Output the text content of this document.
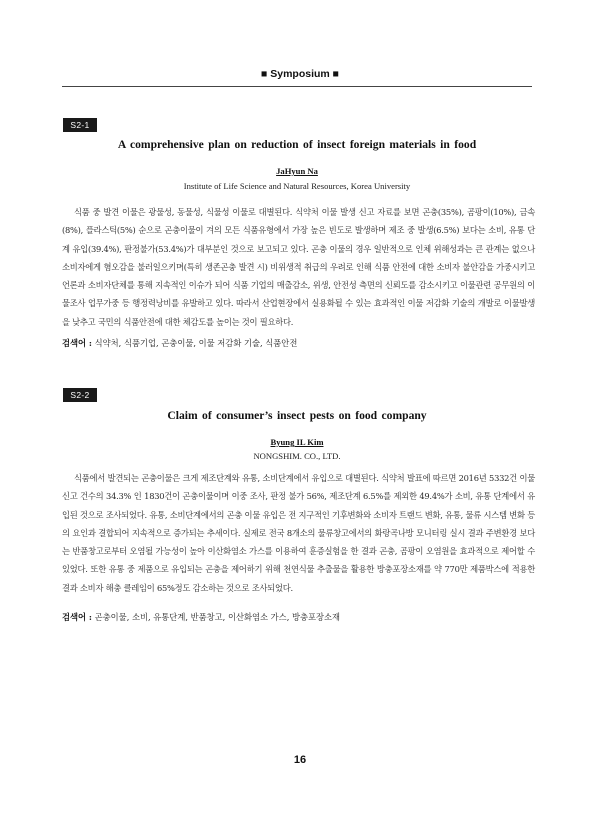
■ Symposium ■
S2-1
A comprehensive plan on reduction of insect foreign materials in food
JaHyun Na
Institute of Life Science and Natural Resources, Korea University

식품 중 발견 이물은 광물성, 동물성, 식물성 이물로 대별된다. 식약처 이물 발생 신고 자료를 보면 곤충(35%), 곰팡이(10%), 금속(8%), 플라스틱(5%) 순으로 곤충이물이 겨의 모든 식품유형에서 가장 높은 빈도로 발생하며 제조 중 발생(6.5%) 보다는 소비, 유통 단계 유입(39.4%), 판정불가(53.4%)가 대부분인 것으로 보고되고 있다. 곤충 이물의 경우 일반적으로 인체 위해성과는 큰 관계는 없으나 소비자에게 혐오감을 불러일으키며(특히 생존곤충 발견 시) 비위생적 취급의 우려로 인해 식품 안전에 대한 소비자 불안감을 가중시키고 언론과 소비자단체를 통해 지속적인 이슈가 되어 식품 기업의 매출감소, 위생, 안전성 측면의 신뢰도를 감소시키고 이물관련 공무원의 이물조사 업무가중 등 행정력낭비를 유발하고 있다. 따라서 산업현장에서 실용화될 수 있는 효과적인 이물 저감화 기술의 개발로 이물발생을 낮추고 국민의 식품안전에 대한 체감도를 높이는 것이 필요하다.

검색어 : 식약처, 식품기업, 곤충이물, 이물 저감화 기술, 식품안전
S2-2
Claim of consumer’s insect pests on food company
Byung IL Kim
NONGSHIM. CO., LTD.

식품에서 발견되는 곤충이물은 크게 제조단계와 유통, 소비단계에서 유입으로 대별된다. 식약처 발표에 따르면 2016년 5332건 이물신고 건수의 34.3% 인 1830건이 곤충이물이며 이중 조사, 판정 불가 56%, 제조단계 6.5%를 제외한 49.4%가 소비, 유통 단계에서 유입된 것으로 조사되었다. 유통, 소비단계에서의 곤충 이물 유입은 전 지구적인 기후변화와 소비자 트랜드 변화, 유통, 물류 시스템 변화 등의 요인과 결합되어 지속적으로 증가되는 추세이다. 실제로 전국 8개소의 물류창고에서의 화랑곡나방 모니터링 실시 결과 주변환경 보다는 반품창고로부터 오염될 가능성이 높아 이산화염소 가스를 이용하여 훈증실험을 한 결과 곤충, 곰팡이 오염원을 효과적으로 제어할 수 있었다. 또한 유통 중 제품으로 유입되는 곤충을 제어하기 위해 천연식물 추출물을 활용한 방충포장소재를 약 770만 제품박스에 적용한 결과 소비자 해충 클레임이 65%정도 감소하는 것으로 조사되었다.

검색어 : 곤충이물, 소비, 유통단계, 반품창고, 이산화염소 가스, 방충포장소재
16
